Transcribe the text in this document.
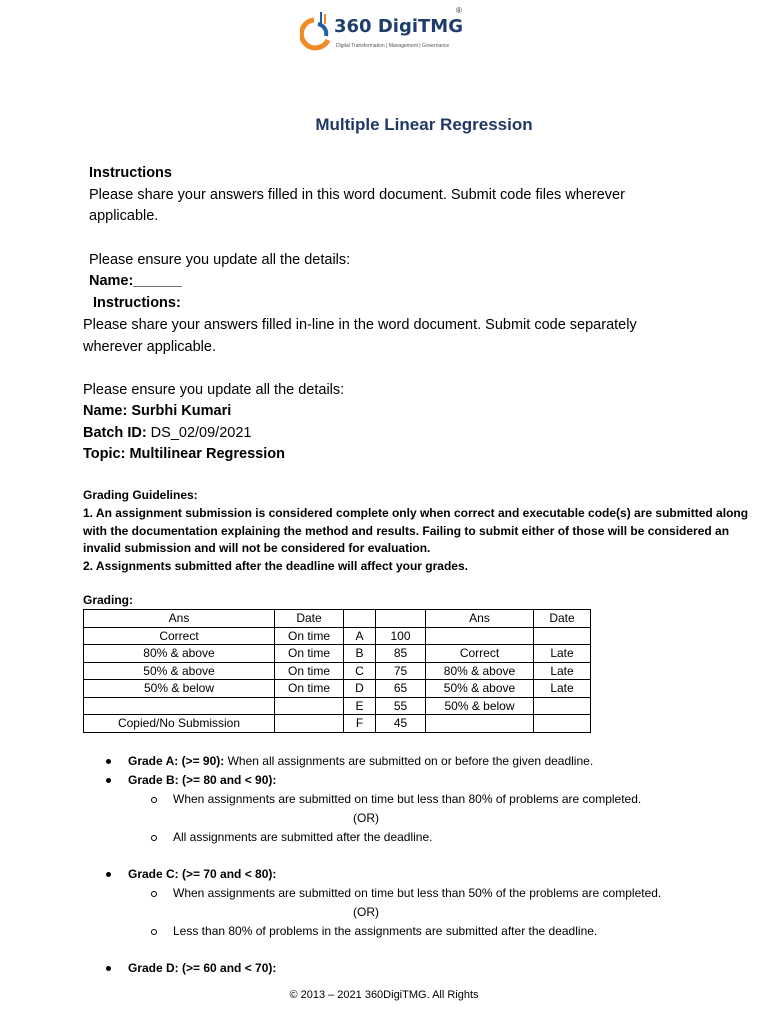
360 DigiTMG
Digital Transformation | Management | Governance
®
Multiple Linear Regression
Instructions
Please share your answers filled in this word document. Submit code files wherever
applicable.
Please ensure you update all the details:
Name:______
Instructions:
Please share your answers filled in-line in the word document. Submit code separately
wherever applicable.
Please ensure you update all the details:
Name: Surbhi Kumari
Batch ID: DS_02/09/2021
Topic: Multilinear Regression
Grading Guidelines:
1. An assignment submission is considered complete only when correct and executable code(s) are submitted along
with the documentation explaining the method and results. Failing to submit either of those will be considered an
invalid submission and will not be considered for evaluation.
2. Assignments submitted after the deadline will affect your grades.
Grading:
Ans	Date			Ans	Date
Correct	On time	A	100		
80% & above	On time	B	85	Correct	Late
50% & above	On time	C	75	80% & above	Late
50% & below	On time	D	65	50% & above	Late
		E	55	50% & below	
Copied/No Submission		F	45		
Grade A: (>= 90): When all assignments are submitted on or before the given deadline.
Grade B: (>= 80 and < 90):
When assignments are submitted on time but less than 80% of problems are completed.
(OR)
All assignments are submitted after the deadline.
Grade C: (>= 70 and < 80):
When assignments are submitted on time but less than 50% of the problems are completed.
(OR)
Less than 80% of problems in the assignments are submitted after the deadline.
Grade D: (>= 60 and < 70):
© 2013 – 2021 360DigiTMG. All Rights
